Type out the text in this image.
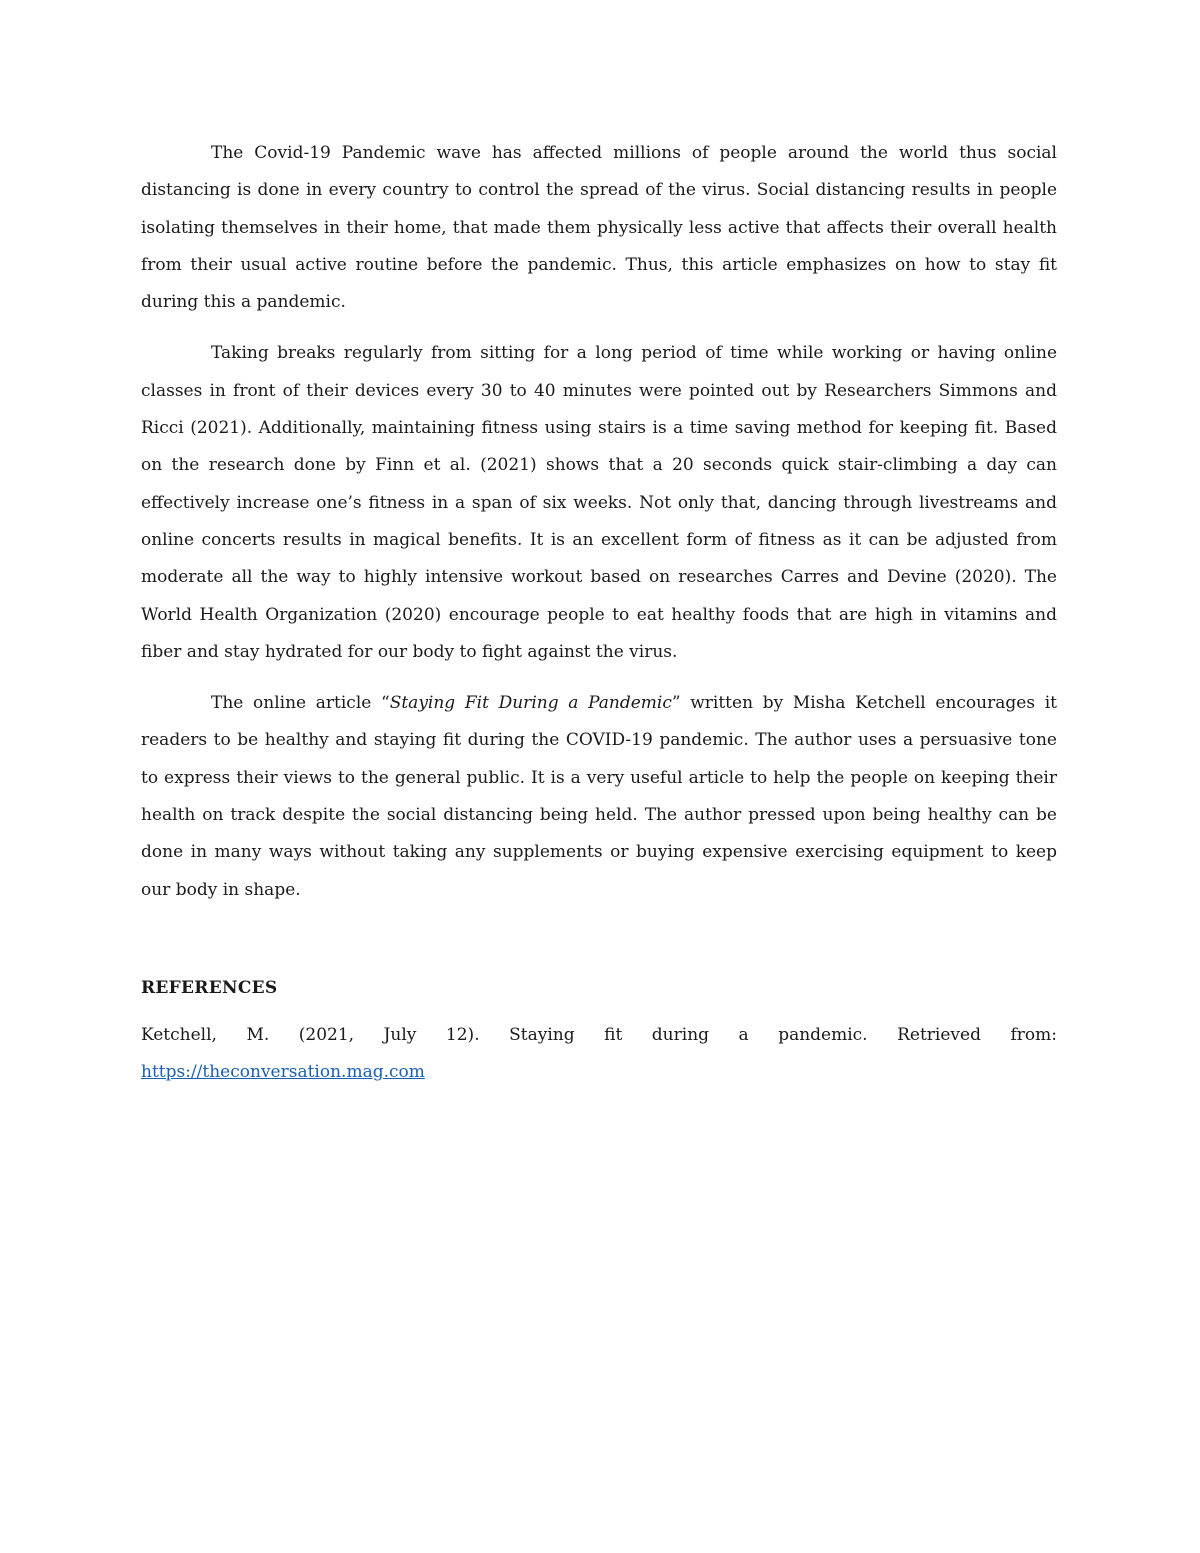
The Covid-19 Pandemic wave has affected millions of people around the world thus social distancing is done in every country to control the spread of the virus. Social distancing results in people isolating themselves in their home, that made them physically less active that affects their overall health from their usual active routine before the pandemic. Thus, this article emphasizes on how to stay fit during this a pandemic.

Taking breaks regularly from sitting for a long period of time while working or having online classes in front of their devices every 30 to 40 minutes were pointed out by Researchers Simmons and Ricci (2021). Additionally, maintaining fitness using stairs is a time saving method for keeping fit. Based on the research done by Finn et al. (2021) shows that a 20 seconds quick stair-climbing a day can effectively increase one’s fitness in a span of six weeks. Not only that, dancing through livestreams and online concerts results in magical benefits. It is an excellent form of fitness as it can be adjusted from moderate all the way to highly intensive workout based on researches Carres and Devine (2020). The World Health Organization (2020) encourage people to eat healthy foods that are high in vitamins and fiber and stay hydrated for our body to fight against the virus.

The online article “Staying Fit During a Pandemic” written by Misha Ketchell encourages it readers to be healthy and staying fit during the COVID-19 pandemic. The author uses a persuasive tone to express their views to the general public. It is a very useful article to help the people on keeping their health on track despite the social distancing being held. The author pressed upon being healthy can be done in many ways without taking any supplements or buying expensive exercising equipment to keep our body in shape.

REFERENCES
Ketchell, M. (2021, July 12). Staying fit during a pandemic. Retrieved from:
https://theconversation.mag.com
